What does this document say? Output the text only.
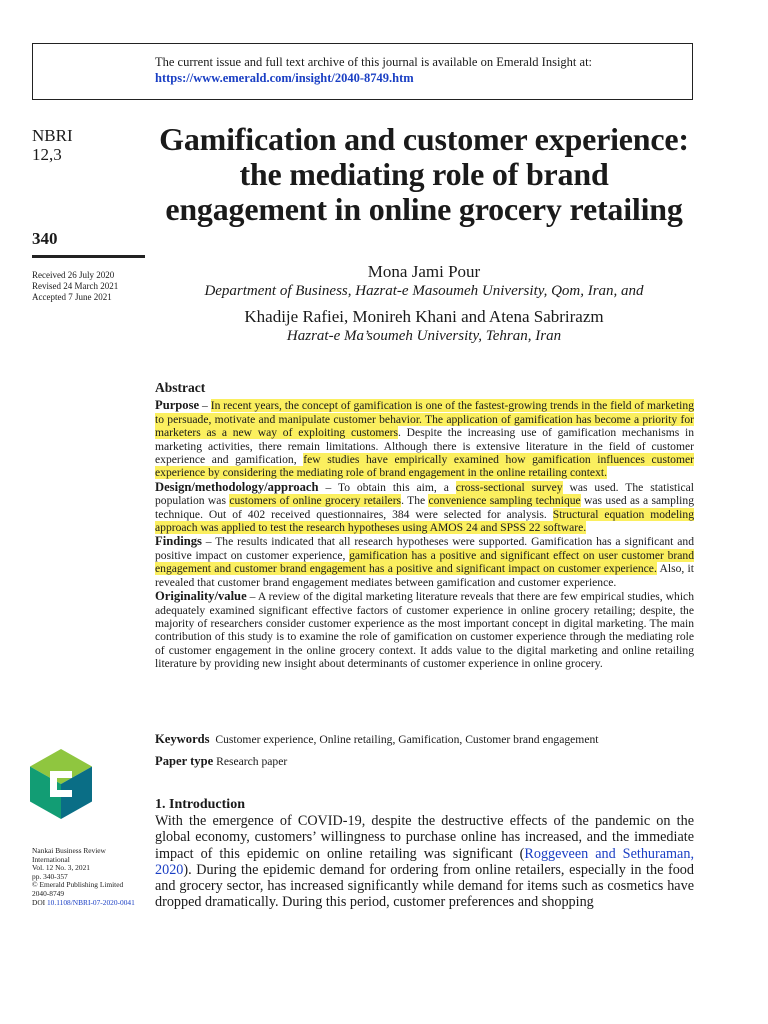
The current issue and full text archive of this journal is available on Emerald Insight at:
https://www.emerald.com/insight/2040-8749.htm
NBRI
12,3
340
Received 26 July 2020
Revised 24 March 2021
Accepted 7 June 2021
Gamification and customer experience: the mediating role of brand engagement in online grocery retailing
Mona Jami Pour
Department of Business, Hazrat-e Masoumeh University, Qom, Iran, and
Khadije Rafiei, Monireh Khani and Atena Sabrirazm
Hazrat-e Ma’soumeh University, Tehran, Iran
Abstract

Purpose – In recent years, the concept of gamification is one of the fastest-growing trends in the field of marketing to persuade, motivate and manipulate customer behavior. The application of gamification has become a priority for marketers as a new way of exploiting customers. Despite the increasing use of gamification mechanisms in marketing activities, there remain limitations. Although there is extensive literature in the field of customer experience and gamification, few studies have empirically examined how gamification influences customer experience by considering the mediating role of brand engagement in the online retailing context.

Design/methodology/approach – To obtain this aim, a cross-sectional survey was used. The statistical population was customers of online grocery retailers. The convenience sampling technique was used as a sampling technique. Out of 402 received questionnaires, 384 were selected for analysis. Structural equation modeling approach was applied to test the research hypotheses using AMOS 24 and SPSS 22 software.

Findings – The results indicated that all research hypotheses were supported. Gamification has a significant and positive impact on customer experience, gamification has a positive and significant effect on user customer brand engagement and customer brand engagement has a positive and significant impact on customer experience. Also, it revealed that customer brand engagement mediates between gamification and customer experience.

Originality/value – A review of the digital marketing literature reveals that there are few empirical studies, which adequately examined significant effective factors of customer experience in online grocery retailing; despite, the majority of researchers consider customer experience as the most important concept in digital marketing. The main contribution of this study is to examine the role of gamification on customer experience through the mediating role of customer engagement in the online grocery context. It adds value to the digital marketing and online retailing literature by providing new insight about determinants of customer experience in online grocery.

Keywords Customer experience, Online retailing, Gamification, Customer brand engagement
Paper type Research paper
1. Introduction
With the emergence of COVID-19, despite the destructive effects of the pandemic on the global economy, customers’ willingness to purchase online has increased, and the immediate impact of this epidemic on online retailing was significant (Roggeveen and Sethuraman, 2020). During the epidemic demand for ordering from online retailers, especially in the food and grocery sector, has increased significantly while demand for items such as cosmetics have dropped dramatically. During this period, customer preferences and shopping
Nankai Business Review
International
Vol. 12 No. 3, 2021
pp. 340-357
© Emerald Publishing Limited
2040-8749
DOI 10.1108/NBRI-07-2020-0041
